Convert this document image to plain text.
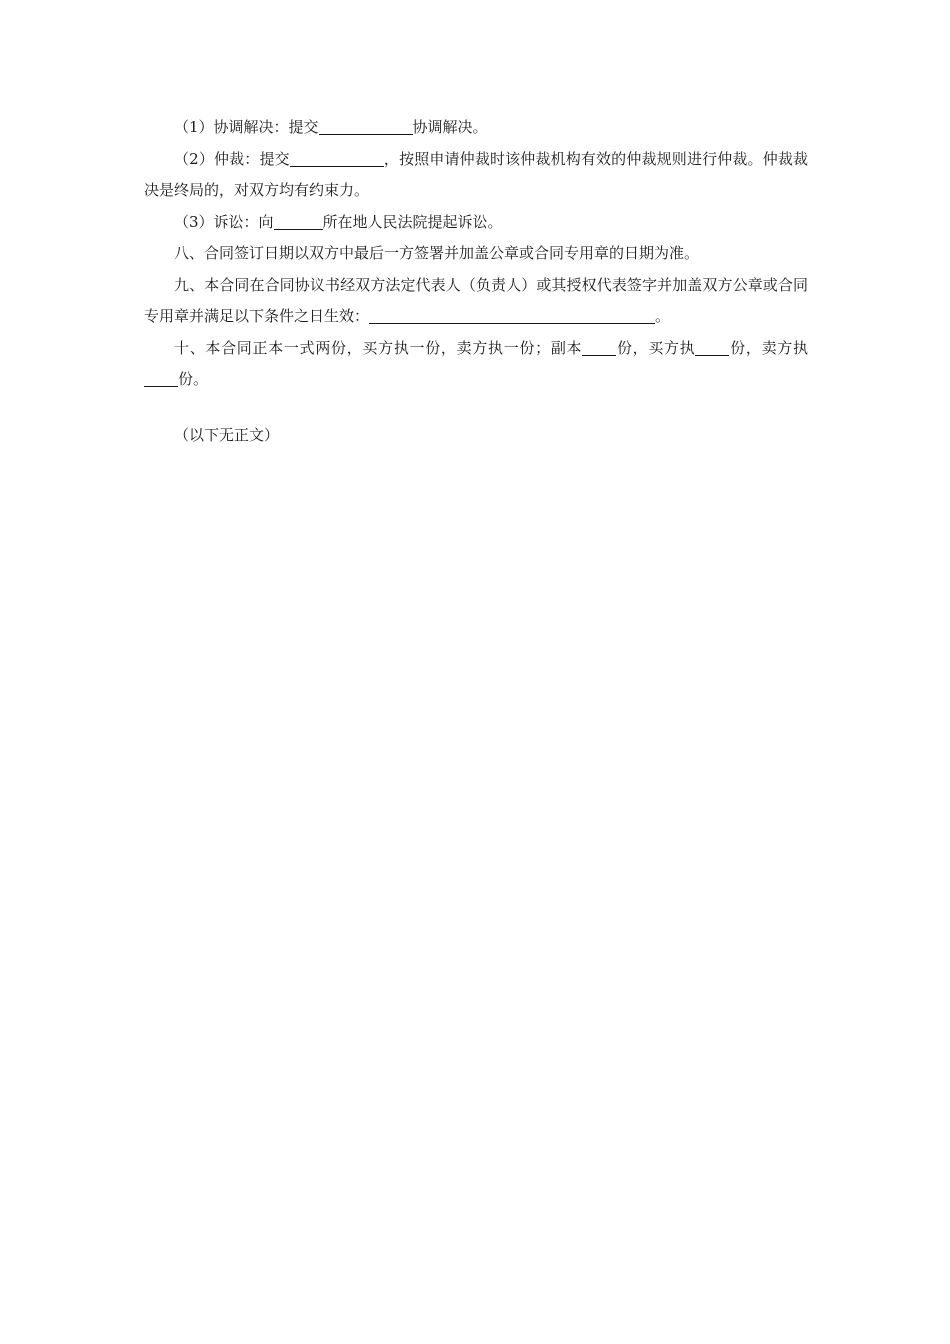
（1）协调解决：提交	协调解决。

（2）仲裁：提交	，按照申请仲裁时该仲裁机构有效的仲裁规则进行仲裁。仲裁裁决是终局的，对双方均有约束力。

（3）诉讼：向	所在地人民法院提起诉讼。

八、合同签订日期以双方中最后一方签署并加盖公章或合同专用章的日期为准。

九、本合同在合同协议书经双方法定代表人（负责人）或其授权代表签字并加盖双方公章或合同专用章并满足以下条件之日生效：	。

十、本合同正本一式两份，买方执一份，卖方执一份；副本 份，买方执 份，卖方执份。

（以下无正文）
